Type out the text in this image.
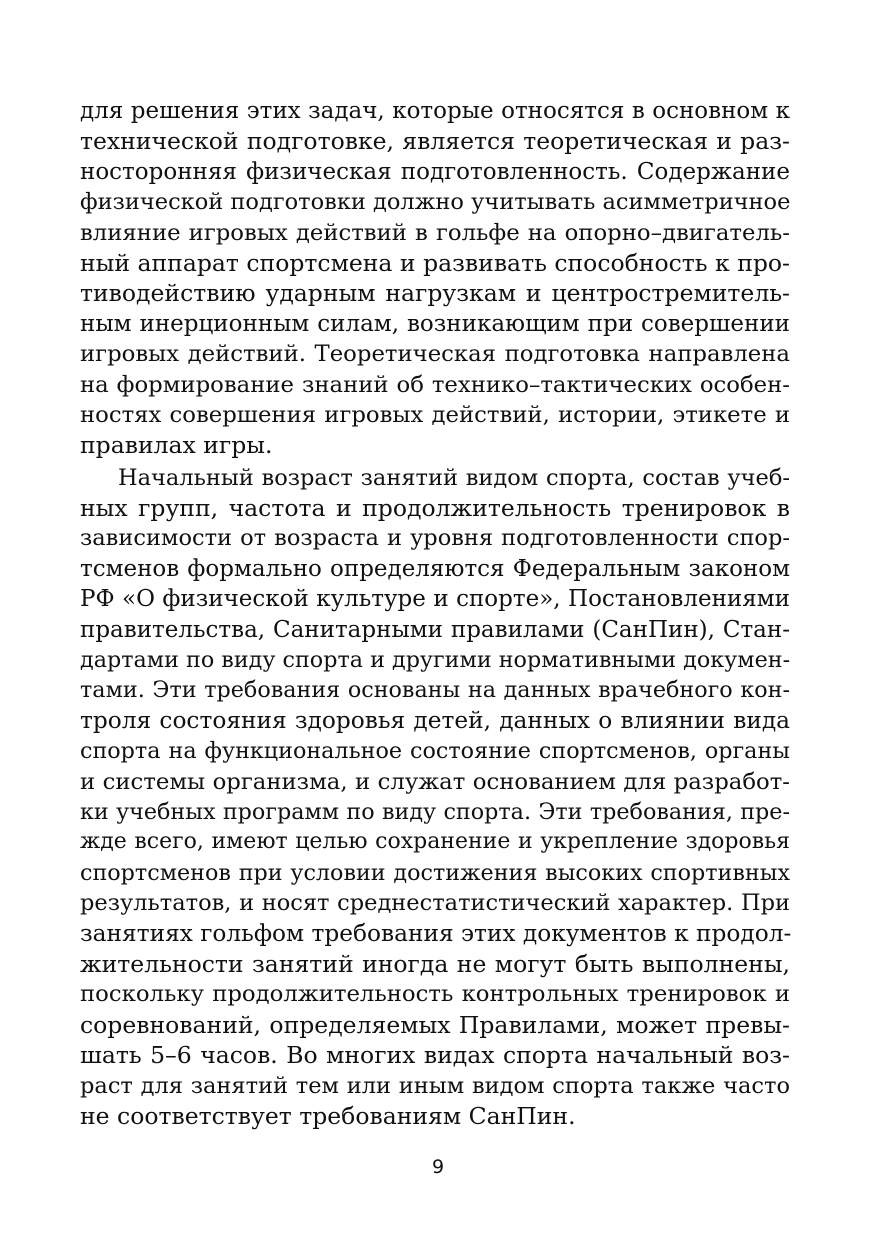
для решения этих задач, которые относятся в основном к
технической подготовке, является теоретическая и раз-
носторонняя физическая подготовленность. Содержание
физической подготовки должно учитывать асимметричное
влияние игровых действий в гольфе на опорно–двигатель-
ный аппарат спортсмена и развивать способность к про-
тиводействию ударным нагрузкам и центростремитель-
ным инерционным силам, возникающим при совершении
игровых действий. Теоретическая подготовка направлена
на формирование знаний об технико–тактических особен-
ностях совершения игровых действий, истории, этикете и
правилах игры.
Начальный возраст занятий видом спорта, состав учеб-
ных групп, частота и продолжительность тренировок в
зависимости от возраста и уровня подготовленности спор-
тсменов формально определяются Федеральным законом
РФ «О физической культуре и спорте», Постановлениями
правительства, Санитарными правилами (СанПин), Стан-
дартами по виду спорта и другими нормативными докумен-
тами. Эти требования основаны на данных врачебного кон-
троля состояния здоровья детей, данных о влиянии вида
спорта на функциональное состояние спортсменов, органы
и системы организма, и служат основанием для разработ-
ки учебных программ по виду спорта. Эти требования, пре-
жде всего, имеют целью сохранение и укрепление здоровья
спортсменов при условии достижения высоких спортивных
результатов, и носят среднестатистический характер. При
занятиях гольфом требования этих документов к продол-
жительности занятий иногда не могут быть выполнены,
поскольку продолжительность контрольных тренировок и
соревнований, определяемых Правилами, может превы-
шать 5–6 часов. Во многих видах спорта начальный воз-
раст для занятий тем или иным видом спорта также часто
не соответствует требованиям СанПин.
9
